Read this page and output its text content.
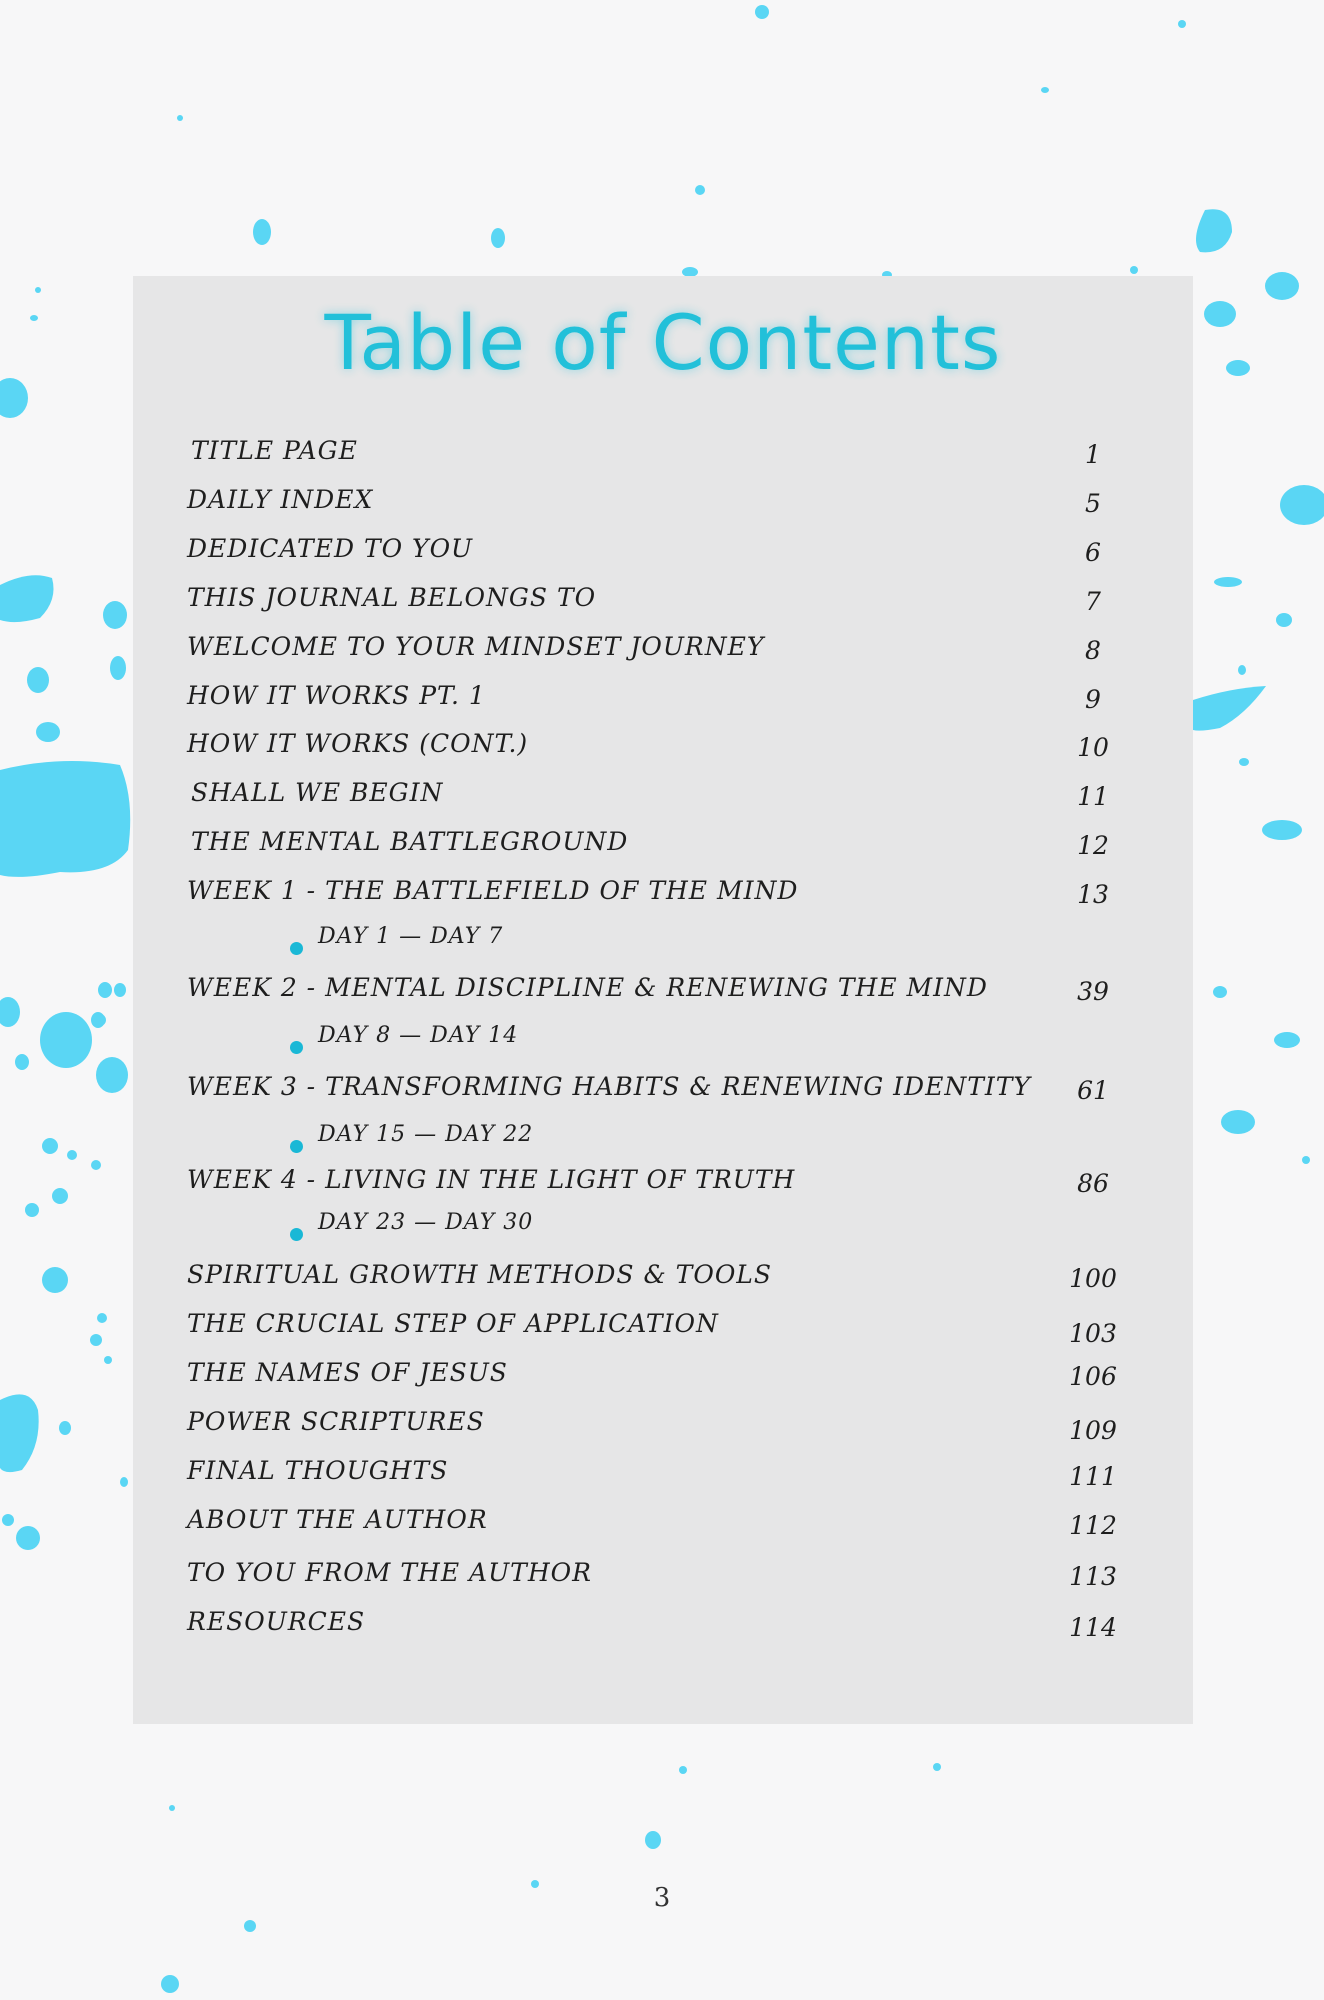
Table of Contents
TITLE PAGE	1
DAILY INDEX	5
DEDICATED TO YOU	6
THIS JOURNAL BELONGS TO	7
WELCOME TO YOUR MINDSET JOURNEY	8
HOW IT WORKS PT. 1	9
HOW IT WORKS (CONT.)	10
SHALL WE BEGIN	11
THE MENTAL BATTLEGROUND	12
WEEK 1 - THE BATTLEFIELD OF THE MIND	13
DAY 1 — DAY 7
WEEK 2 - MENTAL DISCIPLINE & RENEWING THE MIND	39
DAY 8 — DAY 14
WEEK 3 - TRANSFORMING HABITS & RENEWING IDENTITY	61
DAY 15 — DAY 22
WEEK 4 - LIVING IN THE LIGHT OF TRUTH	86
DAY 23 — DAY 30
SPIRITUAL GROWTH METHODS & TOOLS	100
THE CRUCIAL STEP OF APPLICATION	103
THE NAMES OF JESUS	106
POWER SCRIPTURES	109
FINAL THOUGHTS	111
ABOUT THE AUTHOR	112
TO YOU FROM THE AUTHOR	113
RESOURCES	114
3
